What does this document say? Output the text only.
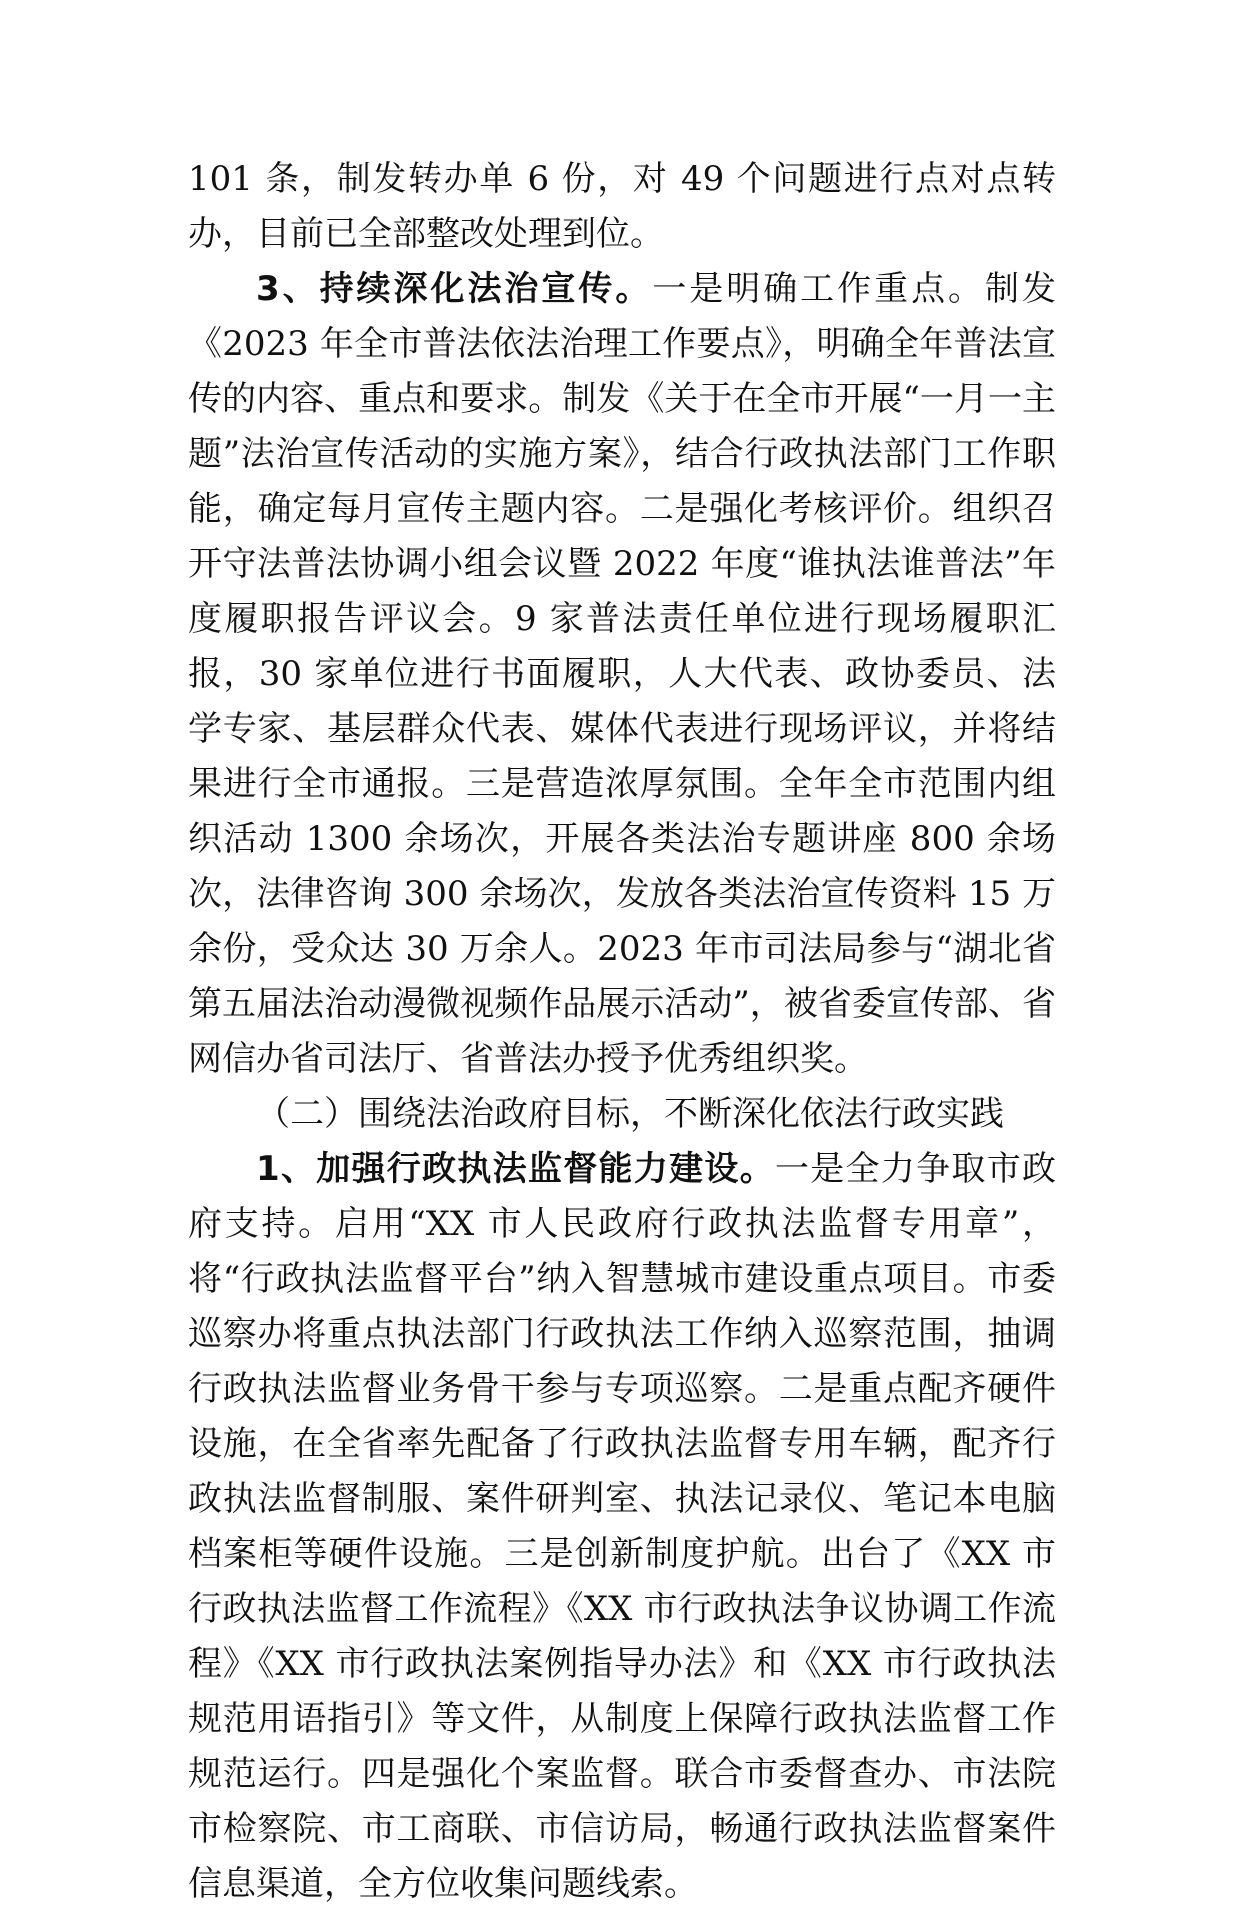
101 条，制发转办单 6 份，对 49 个问题进行点对点转办，目前已全部整改处理到位。

3、持续深化法治宣传。一是明确工作重点。制发《2023 年全市普法依法治理工作要点》，明确全年普法宣传的内容、重点和要求。制发《关于在全市开展“一月一主题”法治宣传活动的实施方案》，结合行政执法部门工作职能，确定每月宣传主题内容。二是强化考核评价。组织召开守法普法协调小组会议暨 2022 年度“谁执法谁普法”年度履职报告评议会。9 家普法责任单位进行现场履职汇报，30 家单位进行书面履职，人大代表、政协委员、法学专家、基层群众代表、媒体代表进行现场评议，并将结果进行全市通报。三是营造浓厚氛围。全年全市范围内组织活动 1300 余场次，开展各类法治专题讲座 800 余场次，法律咨询 300 余场次，发放各类法治宣传资料 15 万余份，受众达 30 万余人。2023 年市司法局参与“湖北省第五届法治动漫微视频作品展示活动”，被省委宣传部、省网信办省司法厅、省普法办授予优秀组织奖。

（二）围绕法治政府目标，不断深化依法行政实践

1、加强行政执法监督能力建设。一是全力争取市政府支持。启用“XX 市人民政府行政执法监督专用章”，将“行政执法监督平台”纳入智慧城市建设重点项目。市委巡察办将重点执法部门行政执法工作纳入巡察范围，抽调行政执法监督业务骨干参与专项巡察。二是重点配齐硬件设施，在全省率先配备了行政执法监督专用车辆，配齐行政执法监督制服、案件研判室、执法记录仪、笔记本电脑档案柜等硬件设施。三是创新制度护航。出台了《XX 市行政执法监督工作流程》《XX 市行政执法争议协调工作流程》《XX 市行政执法案例指导办法》和《XX 市行政执法规范用语指引》等文件，从制度上保障行政执法监督工作规范运行。四是强化个案监督。联合市委督查办、市法院市检察院、市工商联、市信访局，畅通行政执法监督案件信息渠道，全方位收集问题线索。
